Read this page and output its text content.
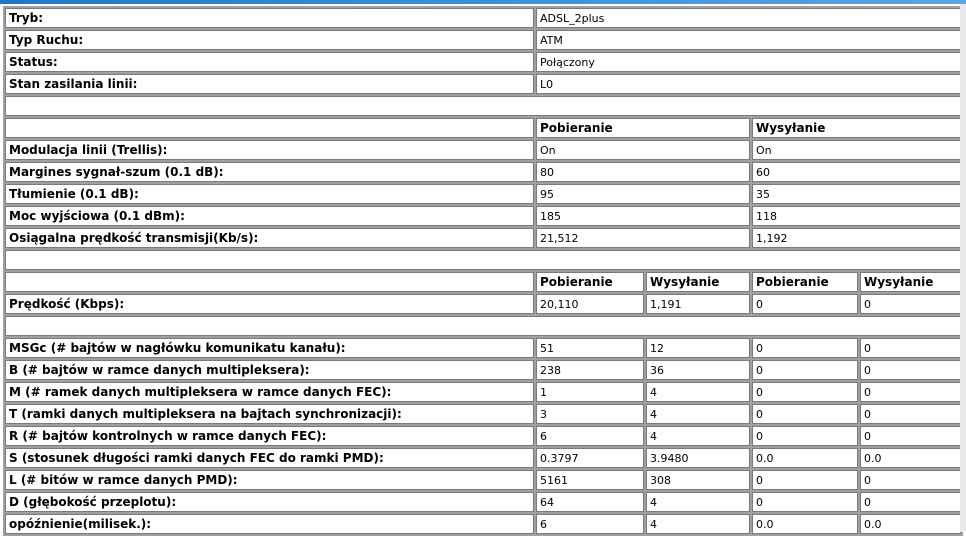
Tryb:	ADSL_2plus			
Typ Ruchu:	ATM			
Status:	Połączony			
Stan zasilania linii:	L0			

	Pobieranie		Wysyłanie	
Modulacja linii (Trellis):	On		On	
Margines sygnał-szum (0.1 dB):	80		60	
Tłumienie (0.1 dB):	95		35	
Moc wyjściowa (0.1 dBm):	185		118	
Osiągalna prędkość transmisji(Kb/s):	21,512		1,192	

	Pobieranie	Wysyłanie	Pobieranie	Wysyłanie
Prędkość (Kbps):	20,110	1,191	0	0

MSGc (# bajtów w nagłówku komunikatu kanału):	51	12	0	0
B (# bajtów w ramce danych multipleksera):	238	36	0	0
M (# ramek danych multipleksera w ramce danych FEC):	1	4	0	0
T (ramki danych multipleksera na bajtach synchronizacji):	3	4	0	0
R (# bajtów kontrolnych w ramce danych FEC):	6	4	0	0
S (stosunek długości ramki danych FEC do ramki PMD):	0.3797	3.9480	0.0	0.0
L (# bitów w ramce danych PMD):	5161	308	0	0
D (głębokość przeplotu):	64	4	0	0
opóźnienie(milisek.):	6	4	0.0	0.0
